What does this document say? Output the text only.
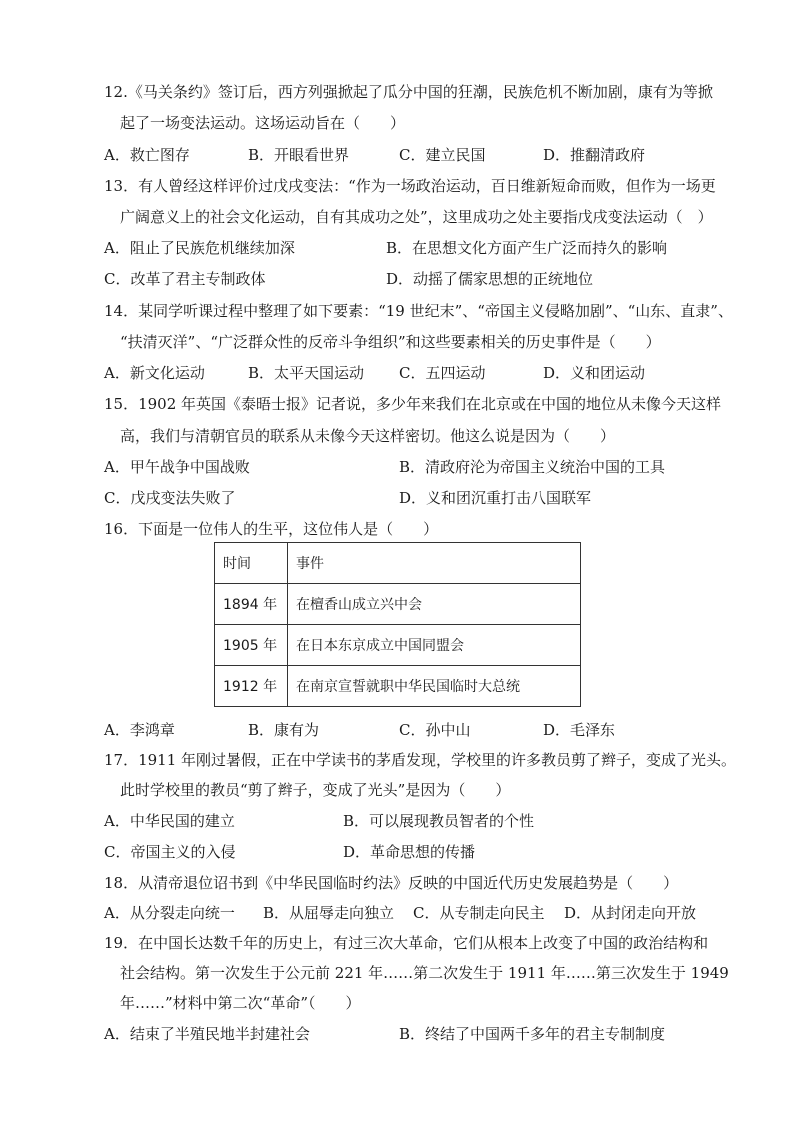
12.《马关条约》签订后，西方列强掀起了瓜分中国的狂潮，民族危机不断加剧，康有为等掀
起了一场变法运动。这场运动旨在（　　）
A．救亡图存	B．开眼看世界	C．建立民国	D．推翻清政府
13．有人曾经这样评价过戊戌变法：“作为一场政治运动，百日维新短命而败，但作为一场更
广阔意义上的社会文化运动，自有其成功之处”，这里成功之处主要指戊戌变法运动（　）
A．阻止了民族危机继续加深	B．在思想文化方面产生广泛而持久的影响
C．改革了君主专制政体	D．动摇了儒家思想的正统地位
14．某同学听课过程中整理了如下要素：“19 世纪末”、“帝国主义侵略加剧”、“山东、直隶”、
“扶清灭洋”、“广泛群众性的反帝斗争组织”和这些要素相关的历史事件是（　　）
A．新文化运动	B．太平天国运动 C．五四运动	D．义和团运动
15．1902 年英国《泰晤士报》记者说，多少年来我们在北京或在中国的地位从未像今天这样
高，我们与清朝官员的联系从未像今天这样密切。他这么说是因为（　　）
A．甲午战争中国战败	B．清政府沦为帝国主义统治中国的工具
C．戊戌变法失败了	D．义和团沉重打击八国联军
16．下面是一位伟人的生平，这位伟人是（　　）
时间	事件
1894 年	在檀香山成立兴中会
1905 年	在日本东京成立中国同盟会
1912 年	在南京宣誓就职中华民国临时大总统
A．李鸿章	B．康有为	C．孙中山	D．毛泽东
17．1911 年刚过暑假，正在中学读书的茅盾发现，学校里的许多教员剪了辫子，变成了光头。
此时学校里的教员“剪了辫子，变成了光头”是因为（　　）
A．中华民国的建立	B．可以展现教员智者的个性
C．帝国主义的入侵	D．革命思想的传播
18．从清帝退位诏书到《中华民国临时约法》反映的中国近代历史发展趋势是（　　）
A．从分裂走向统一 B．从屈辱走向独立 C．从专制走向民主 D．从封闭走向开放
19．在中国长达数千年的历史上，有过三次大革命，它们从根本上改变了中国的政治结构和
社会结构。第一次发生于公元前 221 年……第二次发生于 1911 年……第三次发生于 1949
年……”材料中第二次“革命”（　　）
A．结束了半殖民地半封建社会	B．终结了中国两千多年的君主专制制度
